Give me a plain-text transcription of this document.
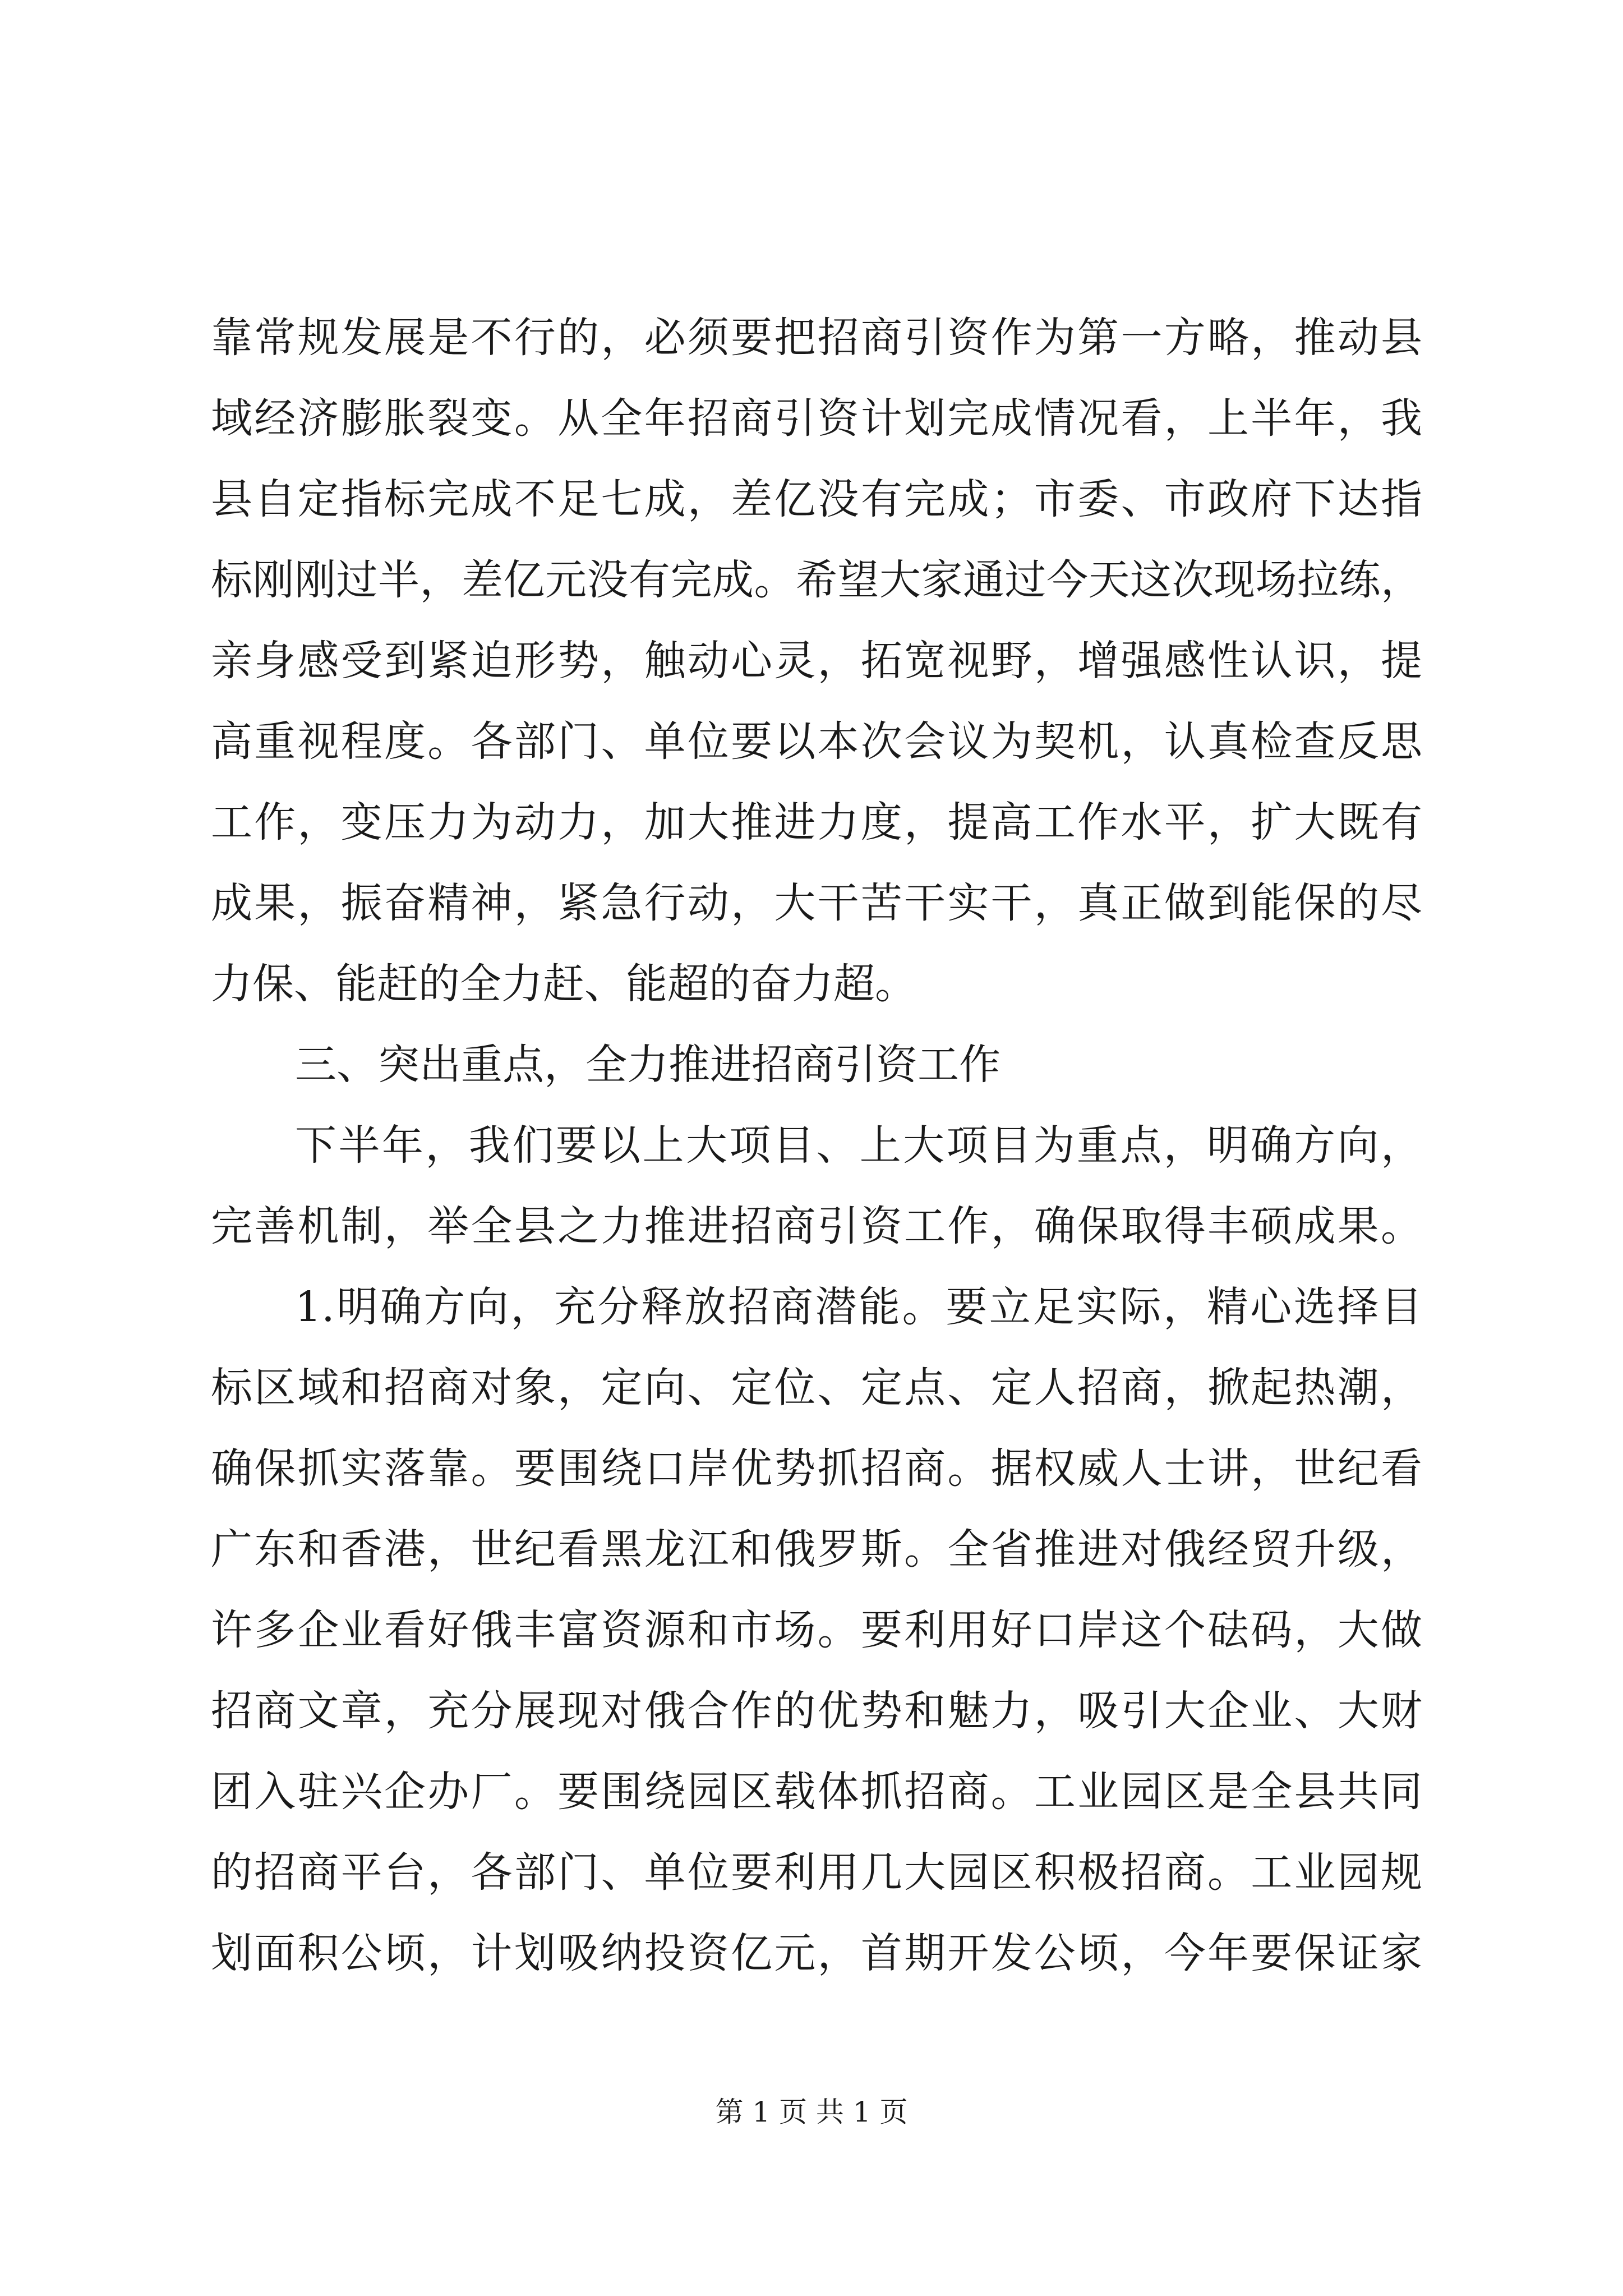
靠常规发展是不行的，必须要把招商引资作为第一方略，推动县
域经济膨胀裂变。从全年招商引资计划完成情况看，上半年，我
县自定指标完成不足七成，差亿没有完成；市委、市政府下达指
标刚刚过半，差亿元没有完成。希望大家通过今天这次现场拉练，
亲身感受到紧迫形势，触动心灵，拓宽视野，增强感性认识，提
高重视程度。各部门、单位要以本次会议为契机，认真检查反思
工作，变压力为动力，加大推进力度，提高工作水平，扩大既有
成果，振奋精神，紧急行动，大干苦干实干，真正做到能保的尽
力保、能赶的全力赶、能超的奋力超。
三、突出重点，全力推进招商引资工作
下半年，我们要以上大项目、上大项目为重点，明确方向，
完善机制，举全县之力推进招商引资工作，确保取得丰硕成果。
1.明确方向，充分释放招商潜能。要立足实际，精心选择目
标区域和招商对象，定向、定位、定点、定人招商，掀起热潮，
确保抓实落靠。要围绕口岸优势抓招商。据权威人士讲，世纪看
广东和香港，世纪看黑龙江和俄罗斯。全省推进对俄经贸升级，
许多企业看好俄丰富资源和市场。要利用好口岸这个砝码，大做
招商文章，充分展现对俄合作的优势和魅力，吸引大企业、大财
团入驻兴企办厂。要围绕园区载体抓招商。工业园区是全县共同
的招商平台，各部门、单位要利用几大园区积极招商。工业园规
划面积公顷，计划吸纳投资亿元，首期开发公顷，今年要保证家
第 1 页 共 1 页
